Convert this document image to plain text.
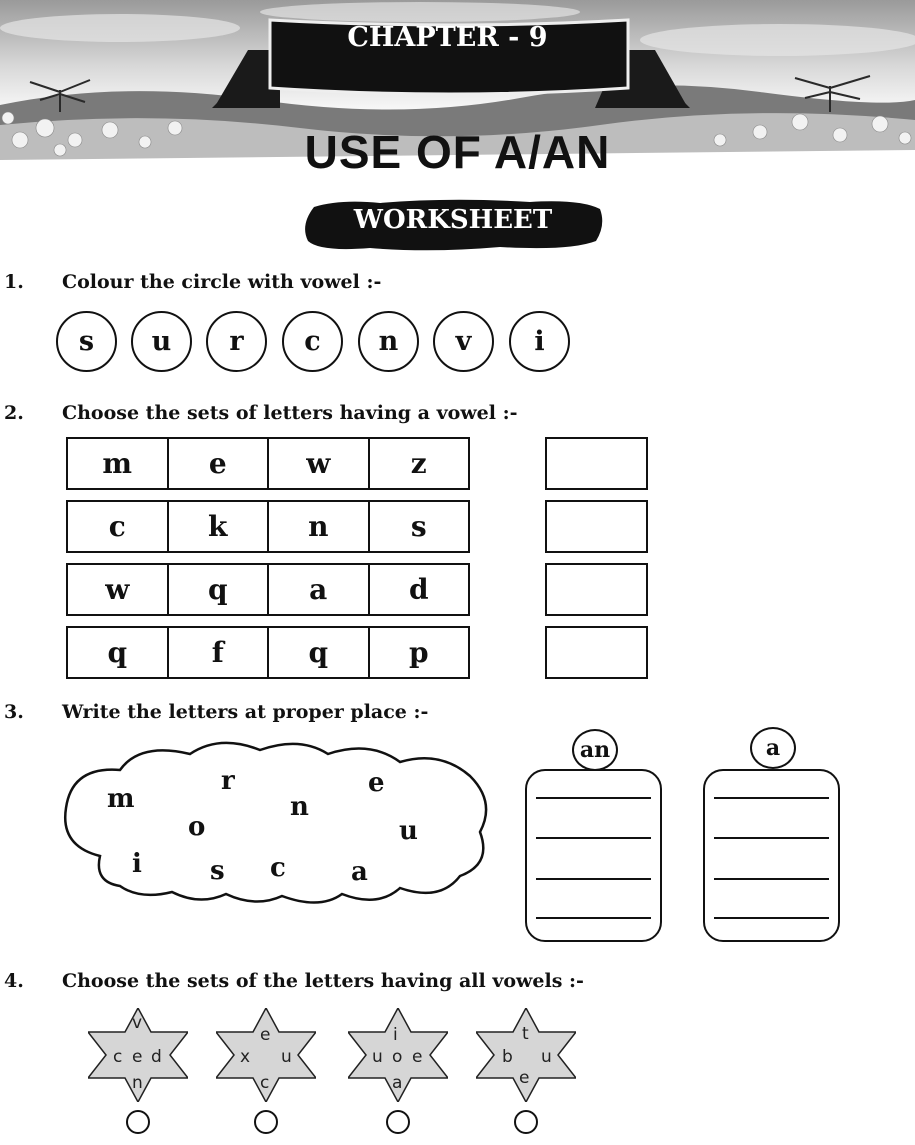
CHAPTER - 9
USE OF A/AN
WORKSHEET
1. Colour the circle with vowel :-
s	u	r	c	n	v	i
2. Choose the sets of letters having a vowel :-
m	e	w	z
c	k	n	s
w	q	a	d
q	f	q	p
3. Write the letters at proper place :-
m
r
n
e
o	u
i	s c	a
an	a
4. Choose the sets of the letters having all vowels :-
v
c e d
n
e
x u
c
i
u o e
a
t
b u
e
